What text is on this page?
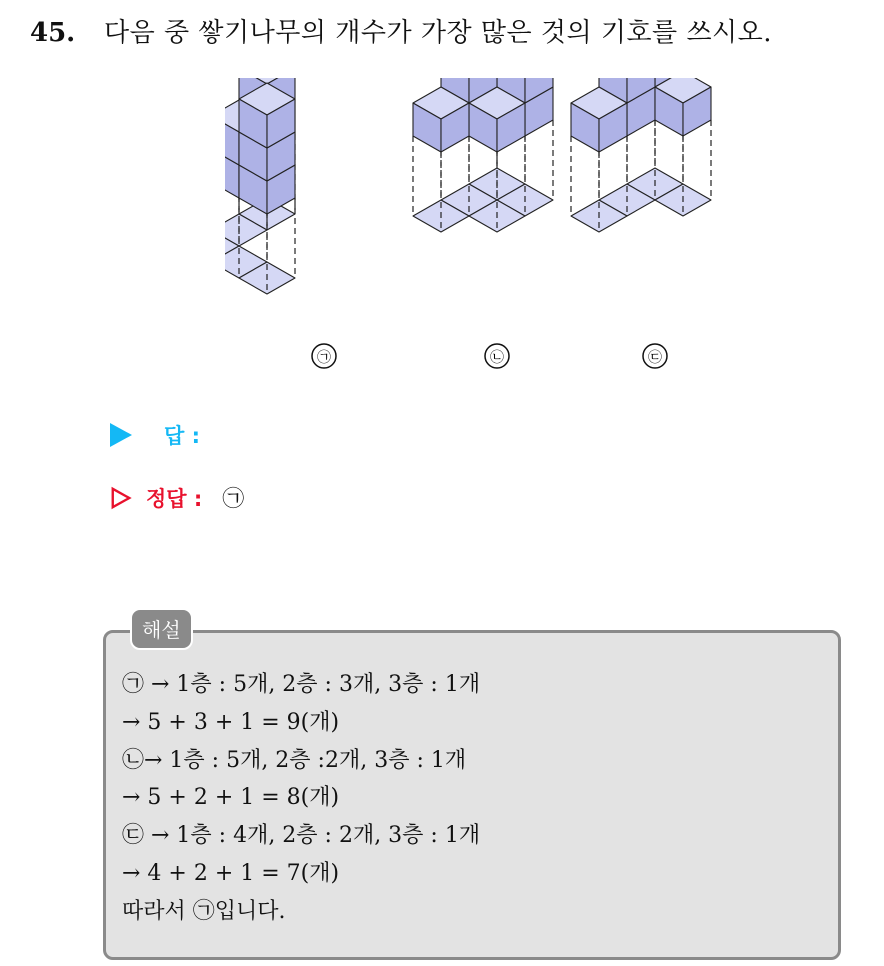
45.	다음 중 쌓기나무의 개수가 가장 많은 것의 기호를 쓰시오.
㉠	㉡	㉢
답 :
정답 : ㉠
해설
㉠ → 1층 : 5개, 2층 : 3개, 3층 : 1개
→ 5 + 3 + 1 = 9(개)
㉡→ 1층 : 5개, 2층 :2개, 3층 : 1개
→ 5 + 2 + 1 = 8(개)
㉢ → 1층 : 4개, 2층 : 2개, 3층 : 1개
→ 4 + 2 + 1 = 7(개)
따라서 ㉠입니다.
